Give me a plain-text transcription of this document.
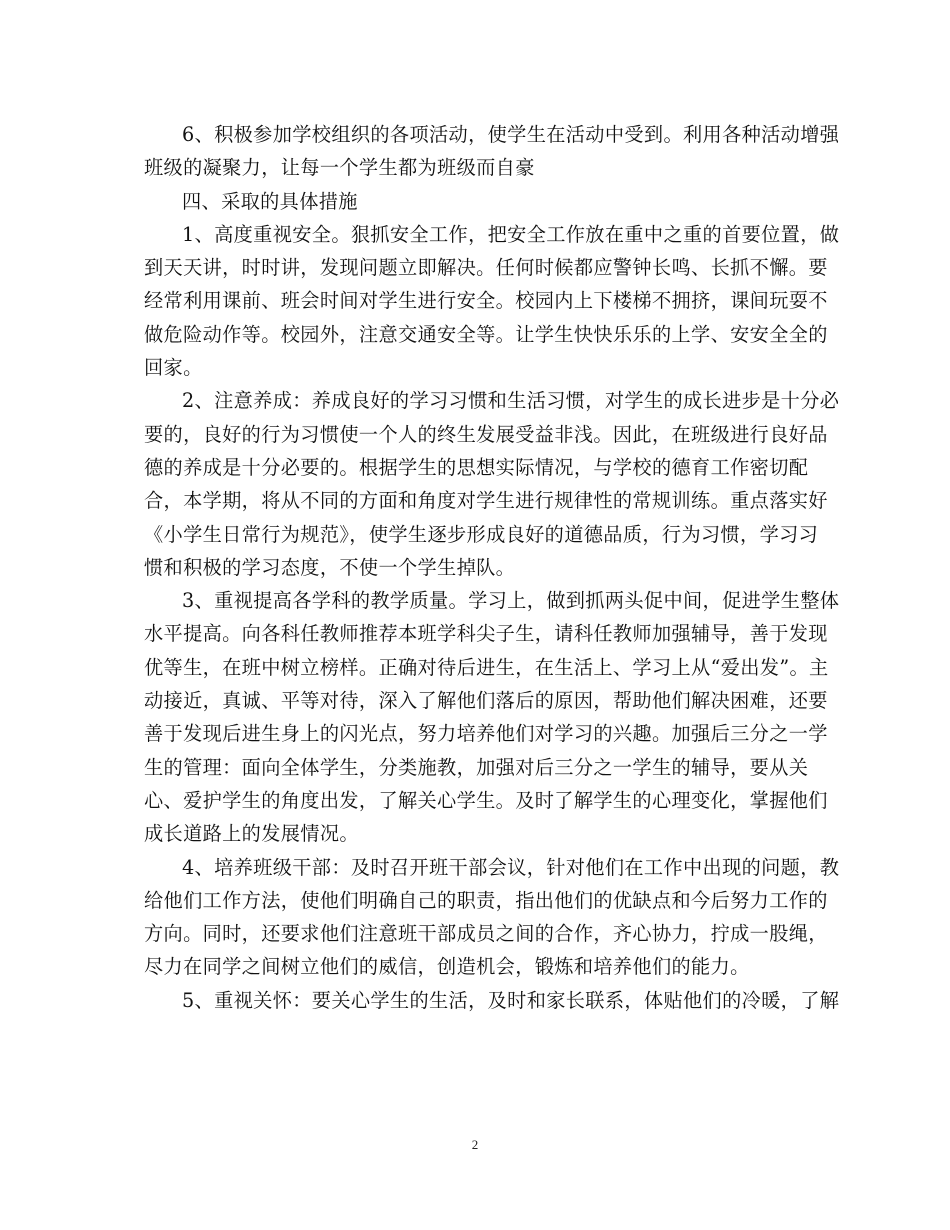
6、积极参加学校组织的各项活动，使学生在活动中受到。利用各种活动增强
班级的凝聚力，让每一个学生都为班级而自豪
四、采取的具体措施
1、高度重视安全。狠抓安全工作，把安全工作放在重中之重的首要位置，做
到天天讲，时时讲，发现问题立即解决。任何时候都应警钟长鸣、长抓不懈。要
经常利用课前、班会时间对学生进行安全。校园内上下楼梯不拥挤，课间玩耍不
做危险动作等。校园外，注意交通安全等。让学生快快乐乐的上学、安安全全的
回家。
2、注意养成：养成良好的学习习惯和生活习惯，对学生的成长进步是十分必
要的，良好的行为习惯使一个人的终生发展受益非浅。因此，在班级进行良好品
德的养成是十分必要的。根据学生的思想实际情况，与学校的德育工作密切配
合，本学期，将从不同的方面和角度对学生进行规律性的常规训练。重点落实好
《小学生日常行为规范》，使学生逐步形成良好的道德品质，行为习惯，学习习
惯和积极的学习态度，不使一个学生掉队。
3、重视提高各学科的教学质量。学习上，做到抓两头促中间，促进学生整体
水平提高。向各科任教师推荐本班学科尖子生，请科任教师加强辅导，善于发现
优等生，在班中树立榜样。正确对待后进生，在生活上、学习上从“爱出发”。主
动接近，真诚、平等对待，深入了解他们落后的原因，帮助他们解决困难，还要
善于发现后进生身上的闪光点，努力培养他们对学习的兴趣。加强后三分之一学
生的管理：面向全体学生，分类施教，加强对后三分之一学生的辅导，要从关
心、爱护学生的角度出发，了解关心学生。及时了解学生的心理变化，掌握他们
成长道路上的发展情况。
4、培养班级干部：及时召开班干部会议，针对他们在工作中出现的问题，教
给他们工作方法，使他们明确自己的职责，指出他们的优缺点和今后努力工作的
方向。同时，还要求他们注意班干部成员之间的合作，齐心协力，拧成一股绳，
尽力在同学之间树立他们的威信，创造机会，锻炼和培养他们的能力。
5、重视关怀：要关心学生的生活，及时和家长联系，体贴他们的冷暖，了解
2
